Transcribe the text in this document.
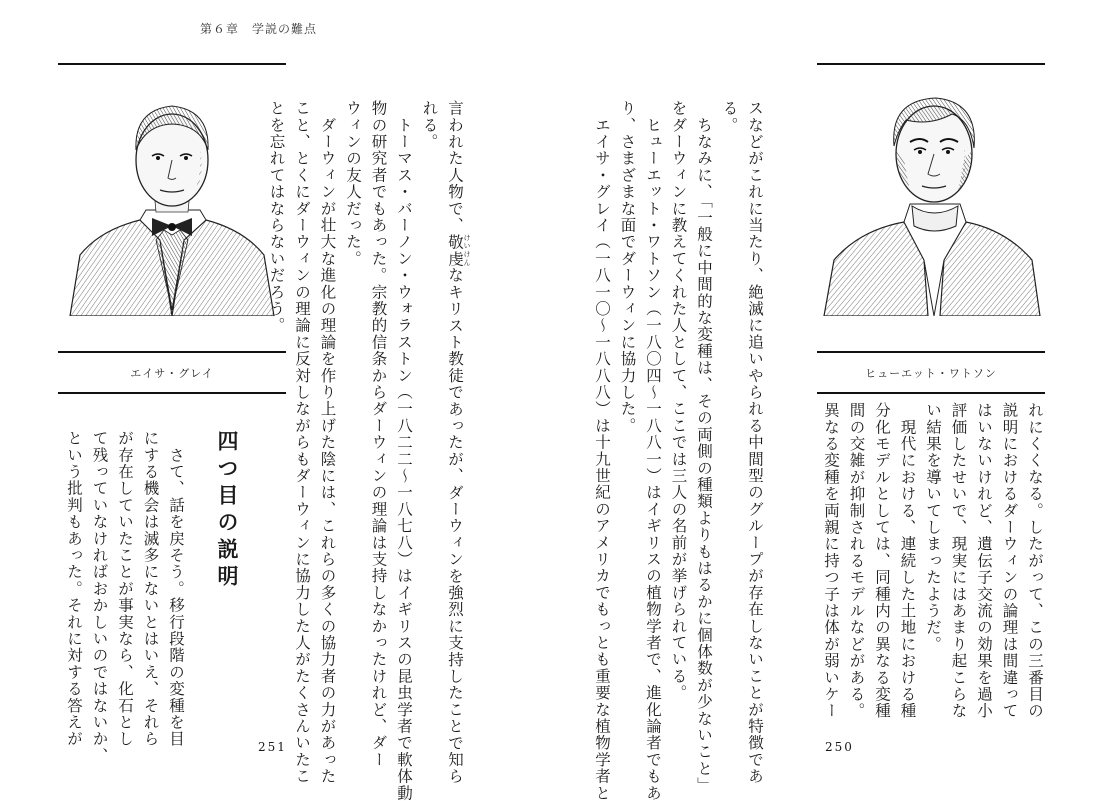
第６章　学説の難点
エイサ・グレイ
言われた人物で、敬虔 けいけんなキリスト教徒であったが、ダーウィンを強烈に支持したことで知ら
れる。
　トーマス・バーノン・ウォラストン（一八二二～一八七八）はイギリスの昆虫学者で軟体動
物の研究者でもあった。宗教的信条からダーウィンの理論は支持しなかったけれど、ダー
ウィンの友人だった。
　ダーウィンが壮大な進化の理論を作り上げた陰には、これらの多くの協力者の力があった
こと、とくにダーウィンの理論に反対しながらもダーウィンに協力した人がたくさんいたこ
とを忘れてはならないだろう。
四つ目の説明
　さて、話を戻そう。移行段階の変種を目
にする機会は滅多にないとはいえ、それら
が存在していたことが事実なら、化石とし
て残っていなければおかしいのではないか、
という批判もあった。それに対する答えが	251
ヒューエット・ワトソン
スなどがこれに当たり、絶滅に追いやられる中間型のグループが存在しないことが特徴であ
る。
　ちなみに、「一般に中間的な変種は、その両側の種類よりもはるかに個体数が少ないこと」
をダーウィンに教えてくれた人として、ここでは三人の名前が挙げられている。
　ヒューエット・ワトソン（一八〇四～一八八一）はイギリスの植物学者で、進化論者でもあ
り、さまざまな面でダーウィンに協力した。
　エイサ・グレイ（一八一〇～一八八八）は十九世紀のアメリカでもっとも重要な植物学者と	れにくくなる。したがって、この三番目の
説明におけるダーウィンの論理は間違って
はいないけれど、遺伝子交流の効果を過小
評価したせいで、現実にはあまり起こらな
い結果を導いてしまったようだ。
　現代における、連続した土地における種
分化モデルとしては、同種内の異なる変種
間の交雑が抑制されるモデルなどがある。
異なる変種を両親に持つ子は体が弱いケー
250
